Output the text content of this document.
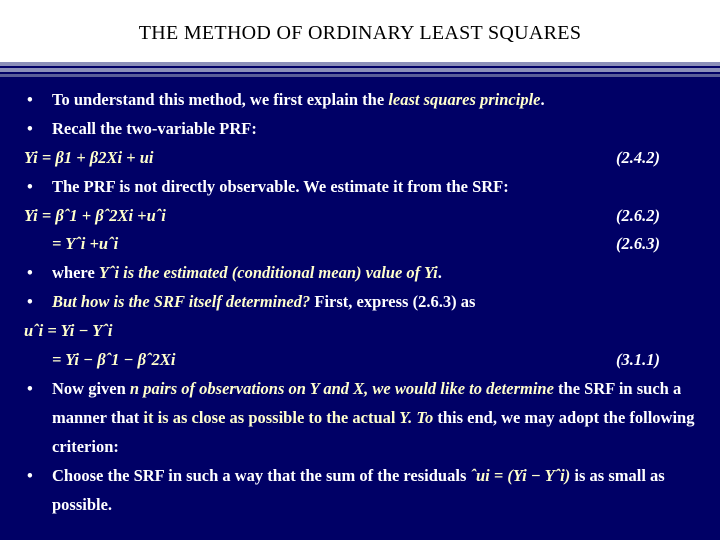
THE METHOD OF ORDINARY LEAST SQUARES
• To understand this method, we first explain the least squares principle.
• Recall the two-variable PRF:
Yi = β1 + β2Xi + ui	(2.4.2)
• The PRF is not directly observable. We estimate it from the SRF:
Yi = βˆ1 + βˆ2Xi +uˆi	(2.6.2)
= Yˆi +uˆi	(2.6.3)
• where Yˆi is the estimated (conditional mean) value of Yi.
• But how is the SRF itself determined? First, express (2.6.3) as
uˆi = Yi − Yˆi
= Yi − βˆ1 − βˆ2Xi	(3.1.1)
• Now given n pairs of observations on Y and X, we would like to determine the SRF in such a manner that it is as close as possible to the actual Y. To this end, we may adopt the following criterion:
• Choose the SRF in such a way that the sum of the residuals ˆui = (Yi − Yˆi) is as small as possible.
